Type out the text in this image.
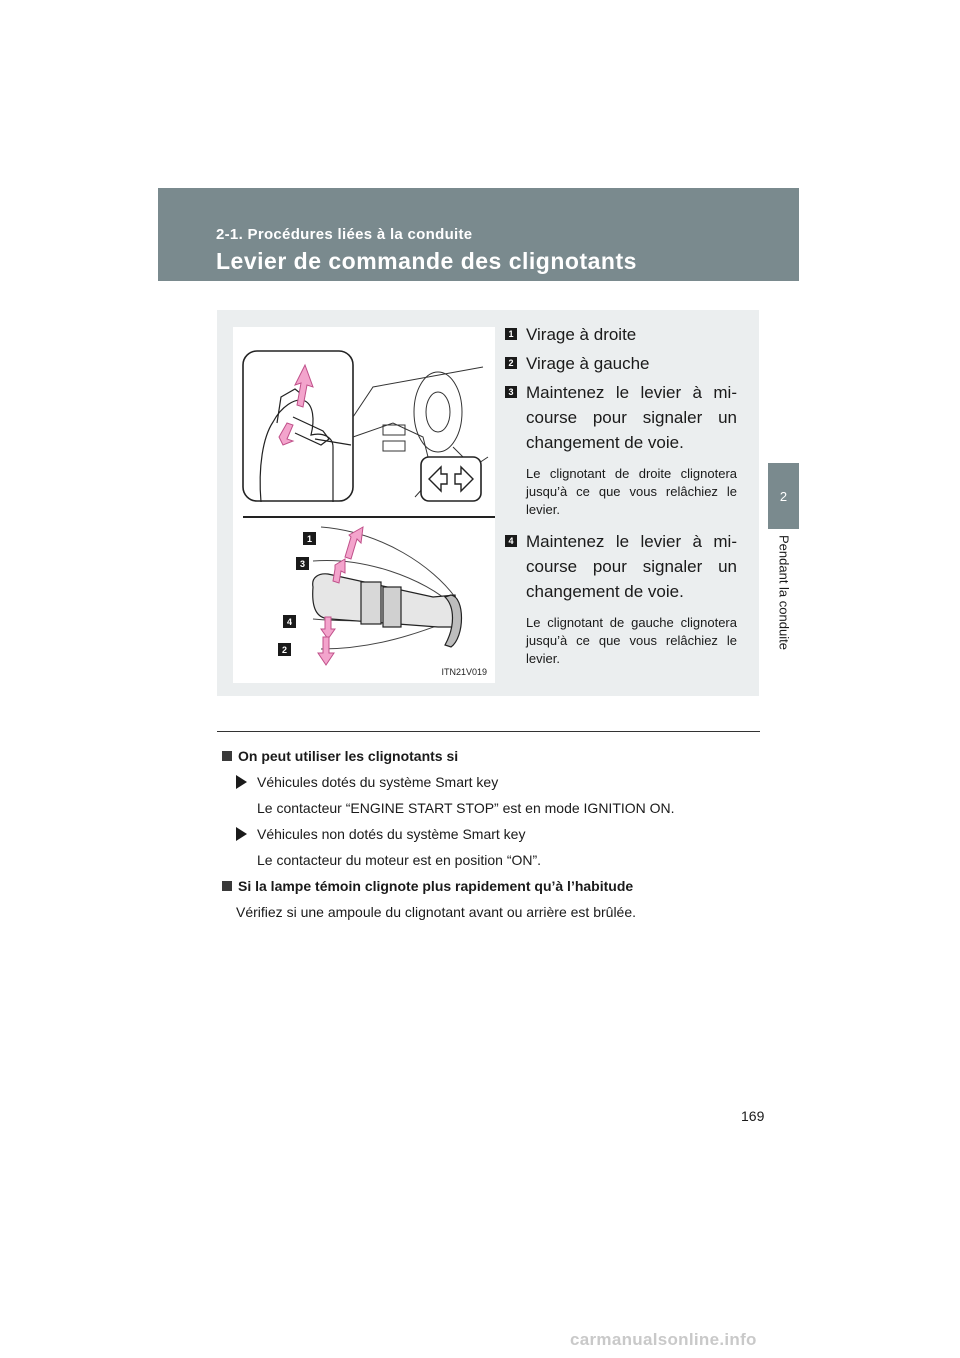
2-1. Procédures liées à la conduite
Levier de commande des clignotants
2
Pendant la conduite
1
3
4
2
ITN21V019
1 Virage à droite
2 Virage à gauche
3 Maintenez le levier à mi-course pour signaler un changement de voie.
Le clignotant de droite clignotera jusqu’à ce que vous relâchiez le levier.
4 Maintenez le levier à mi-course pour signaler un changement de voie.
Le clignotant de gauche clignotera jusqu’à ce que vous relâchiez le levier.
On peut utiliser les clignotants si
Véhicules dotés du système Smart key
Le contacteur “ENGINE START STOP” est en mode IGNITION ON.
Véhicules non dotés du système Smart key
Le contacteur du moteur est en position “ON”.
Si la lampe témoin clignote plus rapidement qu’à l’habitude
Vérifiez si une ampoule du clignotant avant ou arrière est brûlée.
169
carmanualsonline.info
